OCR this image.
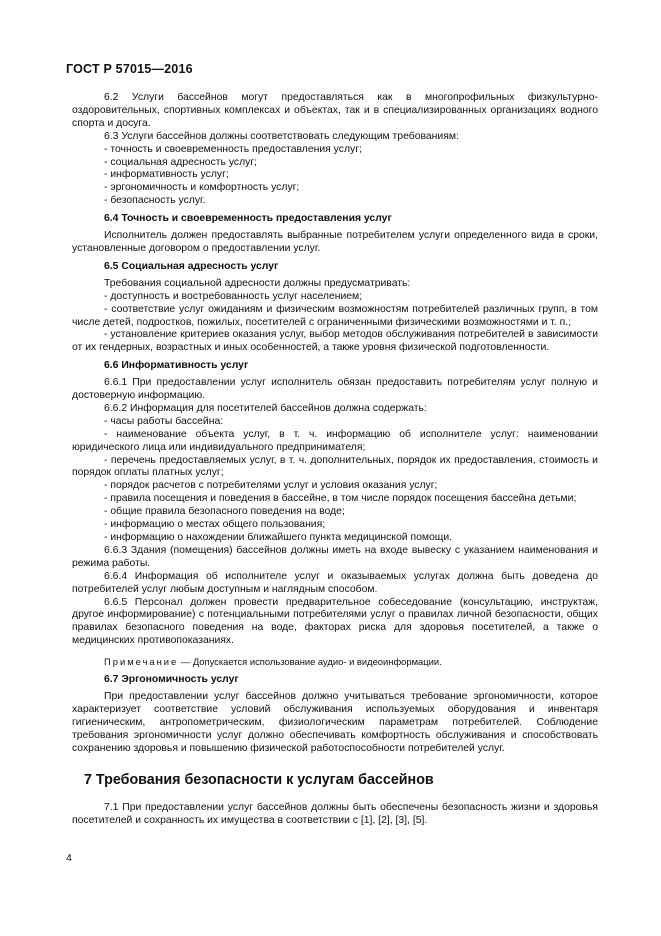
ГОСТ Р 57015—2016

6.2 Услуги бассейнов могут предоставляться как в многопрофильных физкультурно-оздоровительных, спортивных комплексах и объектах, так и в специализированных организациях водного спорта и досуга.

6.3 Услуги бассейнов должны соответствовать следующим требованиям:

- точность и своевременность предоставления услуг;

- социальная адресность услуг;

- информативность услуг;

- эргономичность и комфортность услуг;

- безопасность услуг.

6.4 Точность и своевременность предоставления услуг

Исполнитель должен предоставлять выбранные потребителем услуги определенного вида в сроки, установленные договором о предоставлении услуг.

6.5 Социальная адресность услуг

Требования социальной адресности должны предусматривать:

- доступность и востребованность услуг населением;

- соответствие услуг ожиданиям и физическим возможностям потребителей различных групп, в том числе детей, подростков, пожилых, посетителей с ограниченными физическими возможностями и т. п.;

- установление критериев оказания услуг, выбор методов обслуживания потребителей в зависимости от их гендерных, возрастных и иных особенностей, а также уровня физической подготовленности.

6.6 Информативность услуг

6.6.1 При предоставлении услуг исполнитель обязан предоставить потребителям услуг полную и достоверную информацию.

6.6.2 Информация для посетителей бассейнов должна содержать:

- часы работы бассейна:

- наименование объекта услуг, в т. ч. информацию об исполнителе услуг: наименовании юридического лица или индивидуального предпринимателя;

- перечень предоставляемых услуг, в т. ч. дополнительных, порядок их предоставления, стоимость и порядок оплаты платных услуг;

- порядок расчетов с потребителями услуг и условия оказания услуг;

- правила посещения и поведения в бассейне, в том числе порядок посещения бассейна детьми;

- общие правила безопасного поведения на воде;

- информацию о местах общего пользования;

- информацию о нахождении ближайшего пункта медицинской помощи.

6.6.3 Здания (помещения) бассейнов должны иметь на входе вывеску с указанием наименования и режима работы.

6.6.4 Информация об исполнителе услуг и оказываемых услугах должна быть доведена до потребителей услуг любым доступным и наглядным способом.

6.6.5 Персонал должен провести предварительное собеседование (консультацию, инструктаж, другое информирование) с потенциальными потребителями услуг о правилах личной безопасности, общих правилах безопасного поведения на воде, факторах риска для здоровья посетителей, а также о медицинских противопоказаниях.

Примечание — Допускается использование аудио- и видеоинформации.

6.7 Эргономичность услуг

При предоставлении услуг бассейнов должно учитываться требование эргономичности, которое характеризует соответствие условий обслуживания используемых оборудования и инвентаря гигиеническим, антропометрическим, физиологическим параметрам потребителей. Соблюдение требования эргономичности услуг должно обеспечивать комфортность обслуживания и способствовать сохранению здоровья и повышению физической работоспособности потребителей услуг.

7 Требования безопасности к услугам бассейнов

7.1 При предоставлении услуг бассейнов должны быть обеспечены безопасность жизни и здоровья посетителей и сохранность их имущества в соответствии с [1], [2], [3], [5].

4
